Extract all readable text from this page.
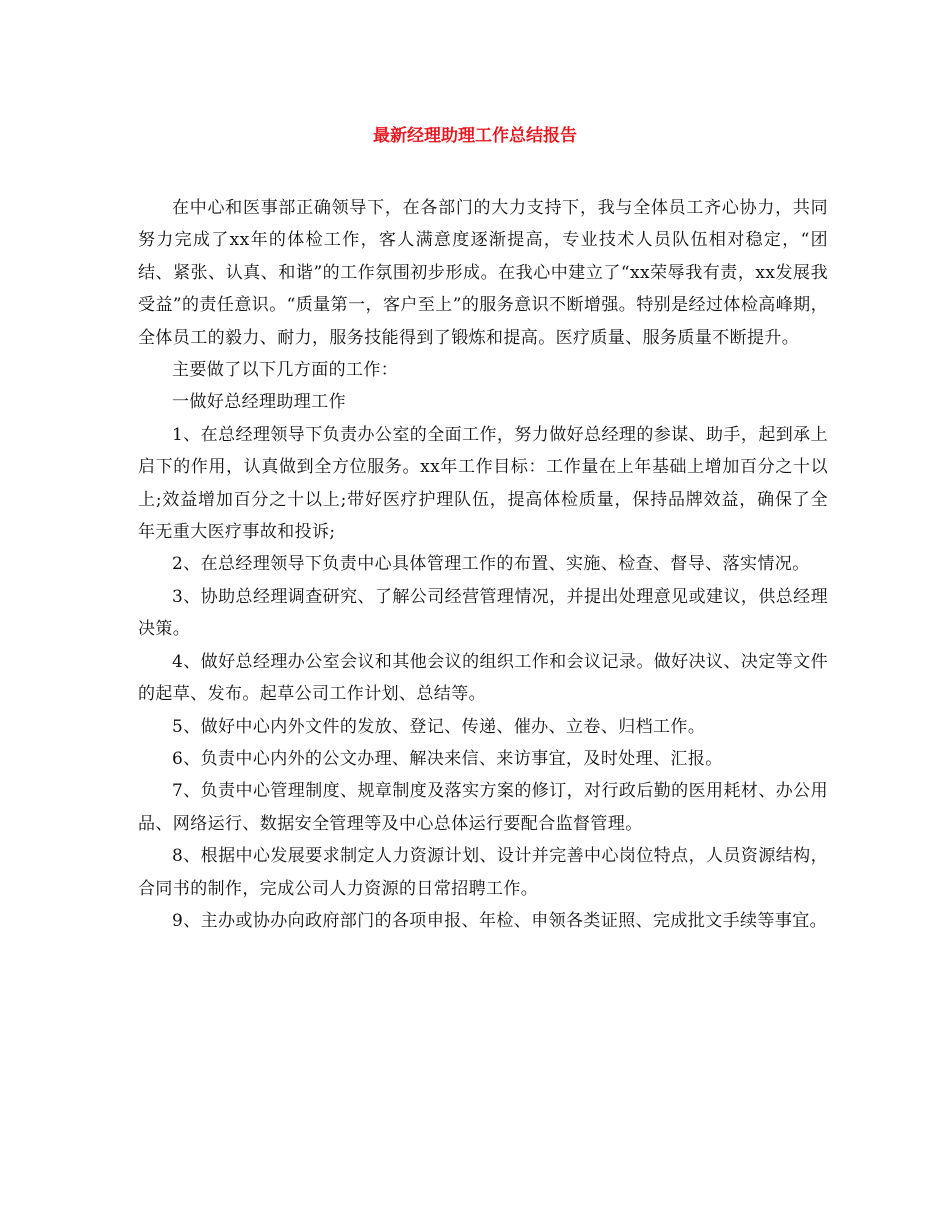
最新经理助理工作总结报告

在中心和医事部正确领导下，在各部门的大力支持下，我与全体员工齐心协力，共同努力完成了xx年的体检工作，客人满意度逐渐提高，专业技术人员队伍相对稳定，“团结、紧张、认真、和谐”的工作氛围初步形成。在我心中建立了“xx荣辱我有责，xx发展我受益”的责任意识。“质量第一，客户至上”的服务意识不断增强。特别是经过体检高峰期，全体员工的毅力、耐力，服务技能得到了锻炼和提高。医疗质量、服务质量不断提升。

主要做了以下几方面的工作：

一做好总经理助理工作

1、在总经理领导下负责办公室的全面工作，努力做好总经理的参谋、助手，起到承上启下的作用，认真做到全方位服务。xx年工作目标：工作量在上年基础上增加百分之十以上;效益增加百分之十以上;带好医疗护理队伍，提高体检质量，保持品牌效益，确保了全年无重大医疗事故和投诉;

2、在总经理领导下负责中心具体管理工作的布置、实施、检查、督导、落实情况。

3、协助总经理调查研究、了解公司经营管理情况，并提出处理意见或建议，供总经理决策。

4、做好总经理办公室会议和其他会议的组织工作和会议记录。做好决议、决定等文件的起草、发布。起草公司工作计划、总结等。

5、做好中心内外文件的发放、登记、传递、催办、立卷、归档工作。

6、负责中心内外的公文办理、解决来信、来访事宜，及时处理、汇报。

7、负责中心管理制度、规章制度及落实方案的修订，对行政后勤的医用耗材、办公用品、网络运行、数据安全管理等及中心总体运行要配合监督管理。

8、根据中心发展要求制定人力资源计划、设计并完善中心岗位特点，人员资源结构，合同书的制作，完成公司人力资源的日常招聘工作。

9、主办或协办向政府部门的各项申报、年检、申领各类证照、完成批文手续等事宜。
